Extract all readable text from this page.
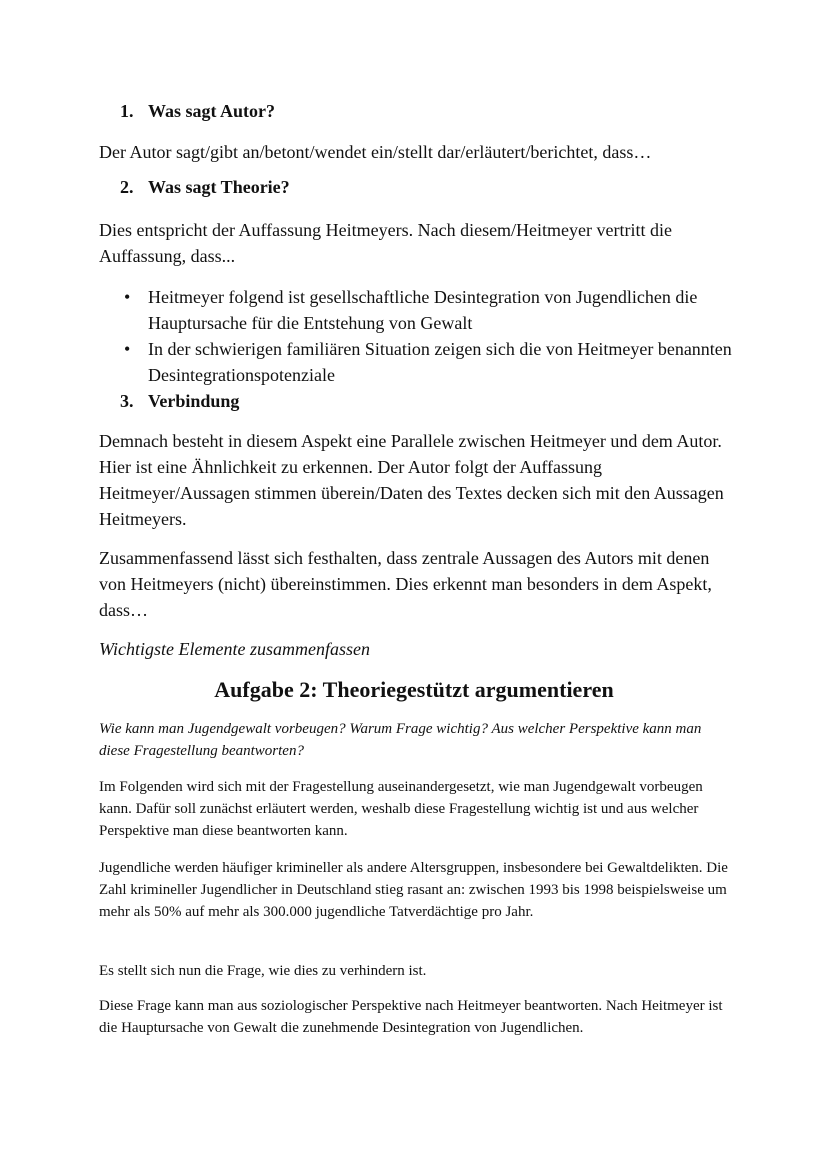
1. Was sagt Autor?

Der Autor sagt/gibt an/betont/wendet ein/stellt dar/erläutert/berichtet, dass…

2. Was sagt Theorie?

Dies entspricht der Auffassung Heitmeyers. Nach diesem/Heitmeyer vertritt die Auffassung, dass...

• Heitmeyer folgend ist gesellschaftliche Desintegration von Jugendlichen die Hauptursache für die Entstehung von Gewalt
• In der schwierigen familiären Situation zeigen sich die von Heitmeyer benannten Desintegrationspotenziale
3. Verbindung

Demnach besteht in diesem Aspekt eine Parallele zwischen Heitmeyer und dem Autor. Hier ist eine Ähnlichkeit zu erkennen. Der Autor folgt der Auffassung Heitmeyer/Aussagen stimmen überein/Daten des Textes decken sich mit den Aussagen Heitmeyers.

Zusammenfassend lässt sich festhalten, dass zentrale Aussagen des Autors mit denen von Heitmeyers (nicht) übereinstimmen. Dies erkennt man besonders in dem Aspekt, dass…

Wichtigste Elemente zusammenfassen

Aufgabe 2: Theoriegestützt argumentieren

Wie kann man Jugendgewalt vorbeugen? Warum Frage wichtig? Aus welcher Perspektive kann man diese Fragestellung beantworten?

Im Folgenden wird sich mit der Fragestellung auseinandergesetzt, wie man Jugendgewalt vorbeugen kann. Dafür soll zunächst erläutert werden, weshalb diese Fragestellung wichtig ist und aus welcher Perspektive man diese beantworten kann.

Jugendliche werden häufiger krimineller als andere Altersgruppen, insbesondere bei Gewaltdelikten. Die Zahl krimineller Jugendlicher in Deutschland stieg rasant an: zwischen 1993 bis 1998 beispielsweise um mehr als 50% auf mehr als 300.000 jugendliche Tatverdächtige pro Jahr.

Es stellt sich nun die Frage, wie dies zu verhindern ist.

Diese Frage kann man aus soziologischer Perspektive nach Heitmeyer beantworten. Nach Heitmeyer ist die Hauptursache von Gewalt die zunehmende Desintegration von Jugendlichen.
